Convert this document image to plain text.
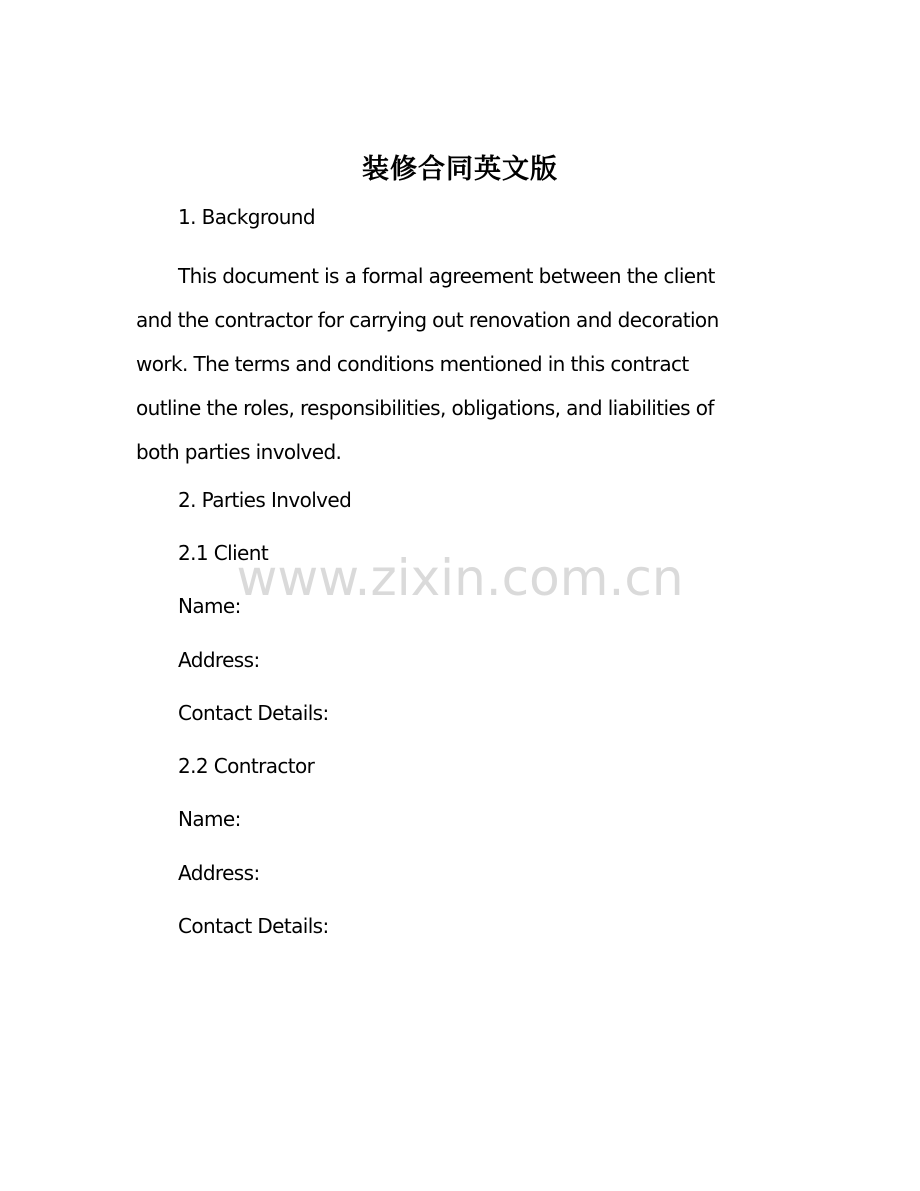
装修合同英文版
1. Background
This document is a formal agreement between the client
and the contractor for carrying out renovation and decoration
work. The terms and conditions mentioned in this contract
outline the roles, responsibilities, obligations, and liabilities of
both parties involved.
2. Parties Involved
2.1 Client
Name:
Address:
Contact Details:
2.2 Contractor
Name:
Address:
Contact Details:
www.zixin.com.cn
